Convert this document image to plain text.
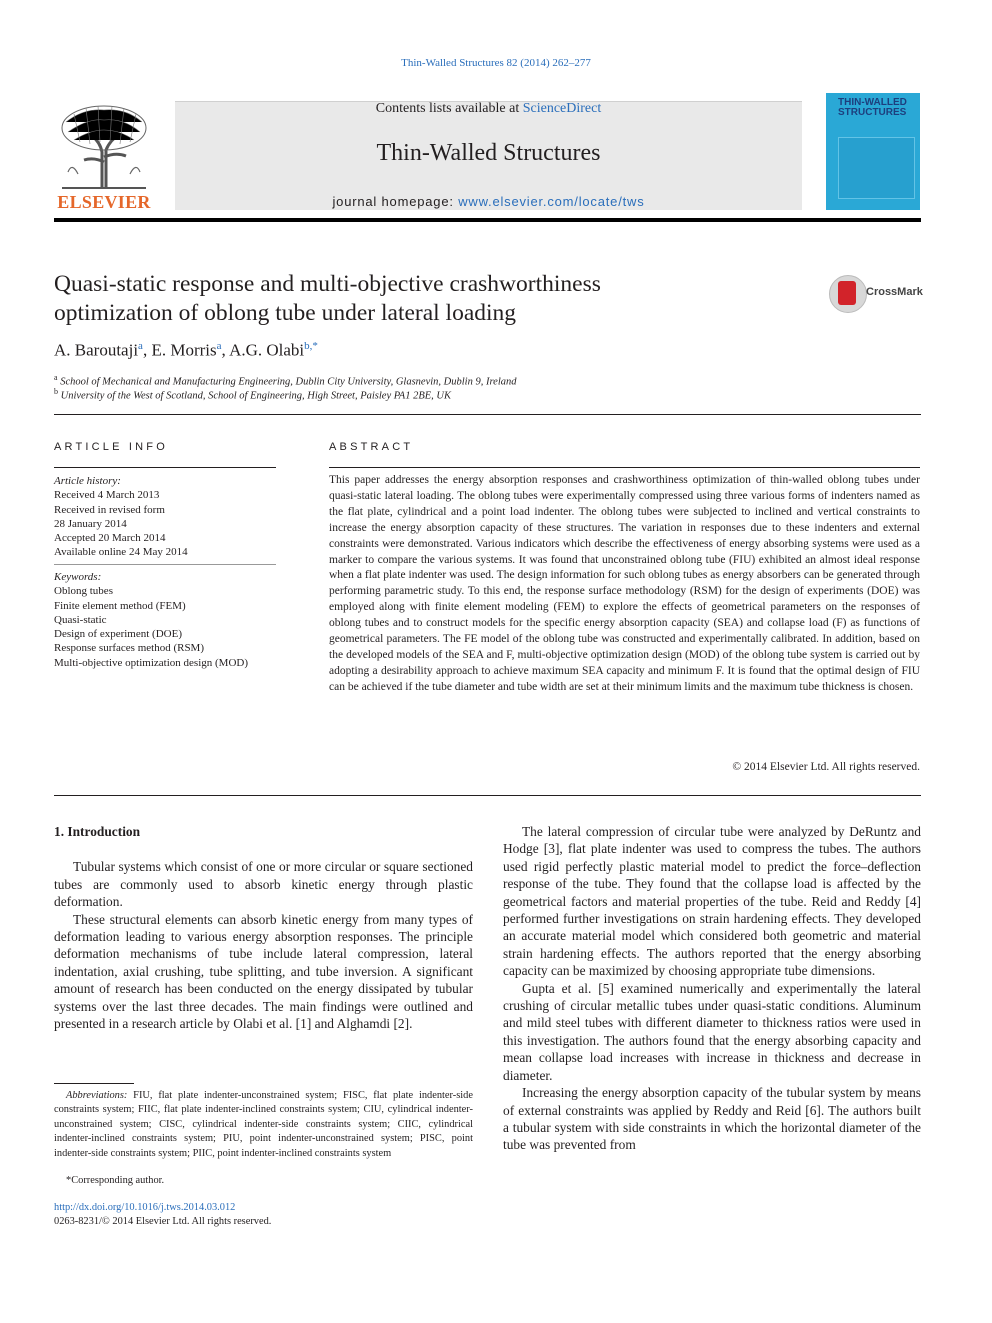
Thin-Walled Structures 82 (2014) 262–277
ELSEVIER
Contents lists available at ScienceDirect
Thin-Walled Structures
journal homepage: www.elsevier.com/locate/tws
THIN-WALLED
STRUCTURES
Quasi-static response and multi-objective crashworthiness
optimization of oblong tube under lateral loading
CrossMark
A. Baroutaji$^a$, E. Morris$^a$, A.G. Olabi$^{b,*}$
$^a$ School of Mechanical and Manufacturing Engineering, Dublin City University, Glasnevin, Dublin 9, Ireland
$^b$ University of the West of Scotland, School of Engineering, High Street, Paisley PA1 2BE, UK
ARTICLE INFO
Article history:
Received 4 March 2013
Received in revised form
28 January 2014
Accepted 20 March 2014
Available online 24 May 2014
Keywords:
Oblong tubes
Finite element method (FEM)
Quasi-static
Design of experiment (DOE)
Response surfaces method (RSM)
Multi-objective optimization design (MOD)
ABSTRACT
This paper addresses the energy absorption responses and crashworthiness optimization of thin-walled oblong tubes under quasi-static lateral loading. The oblong tubes were experimentally compressed using three various forms of indenters named as the flat plate, cylindrical and a point load indenter. The oblong tubes were subjected to inclined and vertical constraints to increase the energy absorption capacity of these structures. The variation in responses due to these indenters and external constraints were demonstrated. Various indicators which describe the effectiveness of energy absorbing systems were used as a marker to compare the various systems. It was found that unconstrained oblong tube (FIU) exhibited an almost ideal response when a flat plate indenter was used. The design information for such oblong tubes as energy absorbers can be generated through performing parametric study. To this end, the response surface methodology (RSM) for the design of experiments (DOE) was employed along with finite element modeling (FEM) to explore the effects of geometrical parameters on the responses of oblong tubes and to construct models for the specific energy absorption capacity (SEA) and collapse load (F) as functions of geometrical parameters. The FE model of the oblong tube was constructed and experimentally calibrated. In addition, based on the developed models of the SEA and F, multi-objective optimization design (MOD) of the oblong tube system is carried out by adopting a desirability approach to achieve maximum SEA capacity and minimum F. It is found that the optimal design of FIU can be achieved if the tube diameter and tube width are set at their minimum limits and the maximum tube thickness is chosen.
© 2014 Elsevier Ltd. All rights reserved.

1. Introduction

Tubular systems which consist of one or more circular or square sectioned tubes are commonly used to absorb kinetic energy through plastic deformation.

These structural elements can absorb kinetic energy from many types of deformation leading to various energy absorption responses. The principle deformation mechanisms of tube include lateral compression, lateral indentation, axial crushing, tube splitting, and tube inversion. A significant amount of research has been conducted on the energy dissipated by tubular systems over the last three decades. The main findings were outlined and presented in a research article by Olabi et al. [1] and Alghamdi [2].

The lateral compression of circular tube were analyzed by DeRuntz and Hodge [3], flat plate indenter was used to compress the tubes. The authors used rigid perfectly plastic material model to predict the force–deflection response of the tube. They found that the collapse load is affected by the geometrical factors and material properties of the tube. Reid and Reddy [4] performed further investigations on strain hardening effects. They developed an accurate material model which considered both geometric and material strain hardening effects. The authors reported that the energy absorbing capacity can be maximized by choosing appropriate tube dimensions.

Gupta et al. [5] examined numerically and experimentally the lateral crushing of circular metallic tubes under quasi-static conditions. Aluminum and mild steel tubes with different diameter to thickness ratios were used in this investigation. The authors found that the energy absorbing capacity and mean collapse load increases with increase in thickness and decrease in diameter.

Increasing the energy absorption capacity of the tubular system by means of external constraints was applied by Reddy and Reid [6]. The authors built a tubular system with side constraints in which the horizontal diameter of the tube was prevented from

Abbreviations: FIU, flat plate indenter-unconstrained system; FISC, flat plate indenter-side constraints system; FIIC, flat plate indenter-inclined constraints system; CIU, cylindrical indenter-unconstrained system; CISC, cylindrical indenter-side constraints system; CIIC, cylindrical indenter-inclined constraints system; PIU, point indenter-unconstrained system; PISC, point indenter-side constraints system; PIIC, point indenter-inclined constraints system
*Corresponding author.
http://dx.doi.org/10.1016/j.tws.2014.03.012
0263-8231/© 2014 Elsevier Ltd. All rights reserved.
